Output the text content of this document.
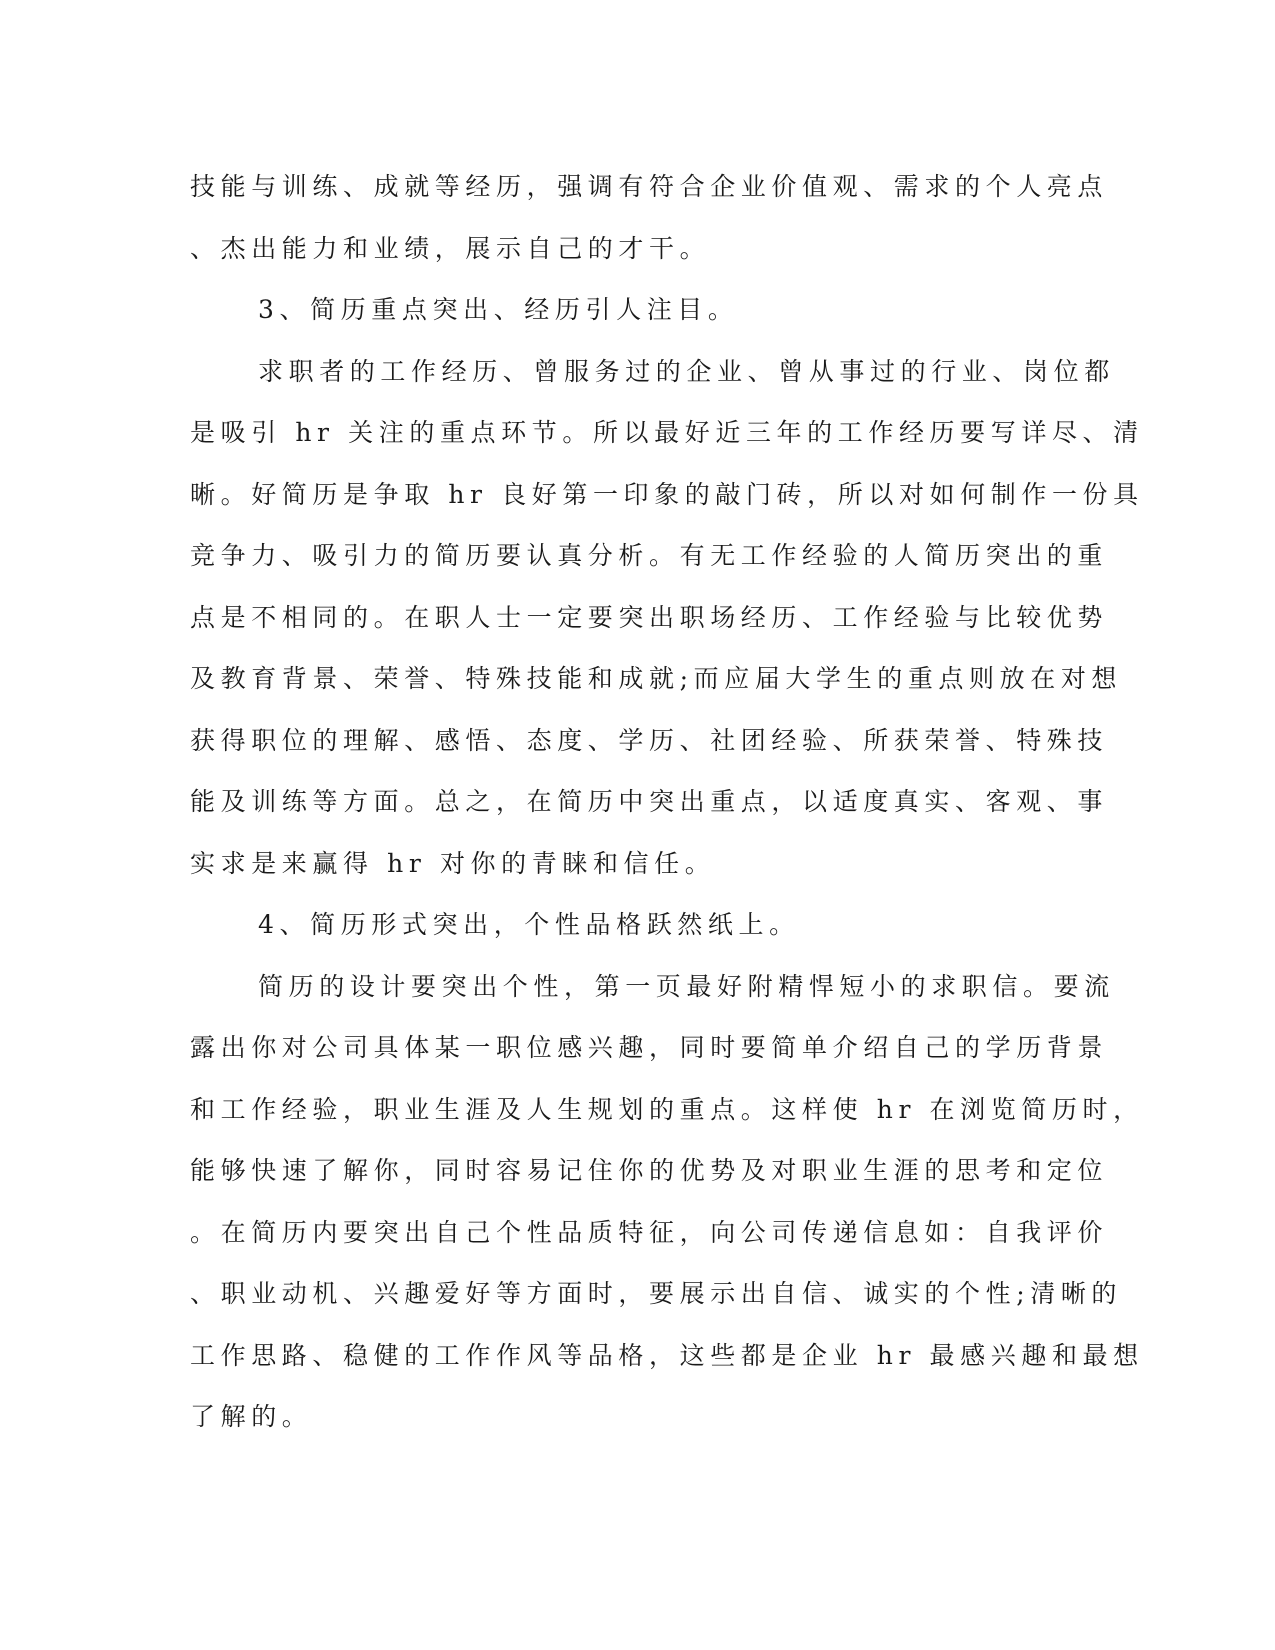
技能与训练、成就等经历，强调有符合企业价值观、需求的个人亮点
、杰出能力和业绩，展示自己的才干。
3、简历重点突出、经历引人注目。
求职者的工作经历、曾服务过的企业、曾从事过的行业、岗位都
是吸引 hr 关注的重点环节。所以最好近三年的工作经历要写详尽、清
晰。好简历是争取 hr 良好第一印象的敲门砖，所以对如何制作一份具
竞争力、吸引力的简历要认真分析。有无工作经验的人简历突出的重
点是不相同的。在职人士一定要突出职场经历、工作经验与比较优势
及教育背景、荣誉、特殊技能和成就;而应届大学生的重点则放在对想
获得职位的理解、感悟、态度、学历、社团经验、所获荣誉、特殊技
能及训练等方面。总之，在简历中突出重点，以适度真实、客观、事
实求是来赢得 hr 对你的青睐和信任。
4、简历形式突出，个性品格跃然纸上。
简历的设计要突出个性，第一页最好附精悍短小的求职信。要流
露出你对公司具体某一职位感兴趣，同时要简单介绍自己的学历背景
和工作经验，职业生涯及人生规划的重点。这样使 hr 在浏览简历时，
能够快速了解你，同时容易记住你的优势及对职业生涯的思考和定位
。在简历内要突出自己个性品质特征，向公司传递信息如：自我评价
、职业动机、兴趣爱好等方面时，要展示出自信、诚实的个性;清晰的
工作思路、稳健的工作作风等品格，这些都是企业 hr 最感兴趣和最想
了解的。
